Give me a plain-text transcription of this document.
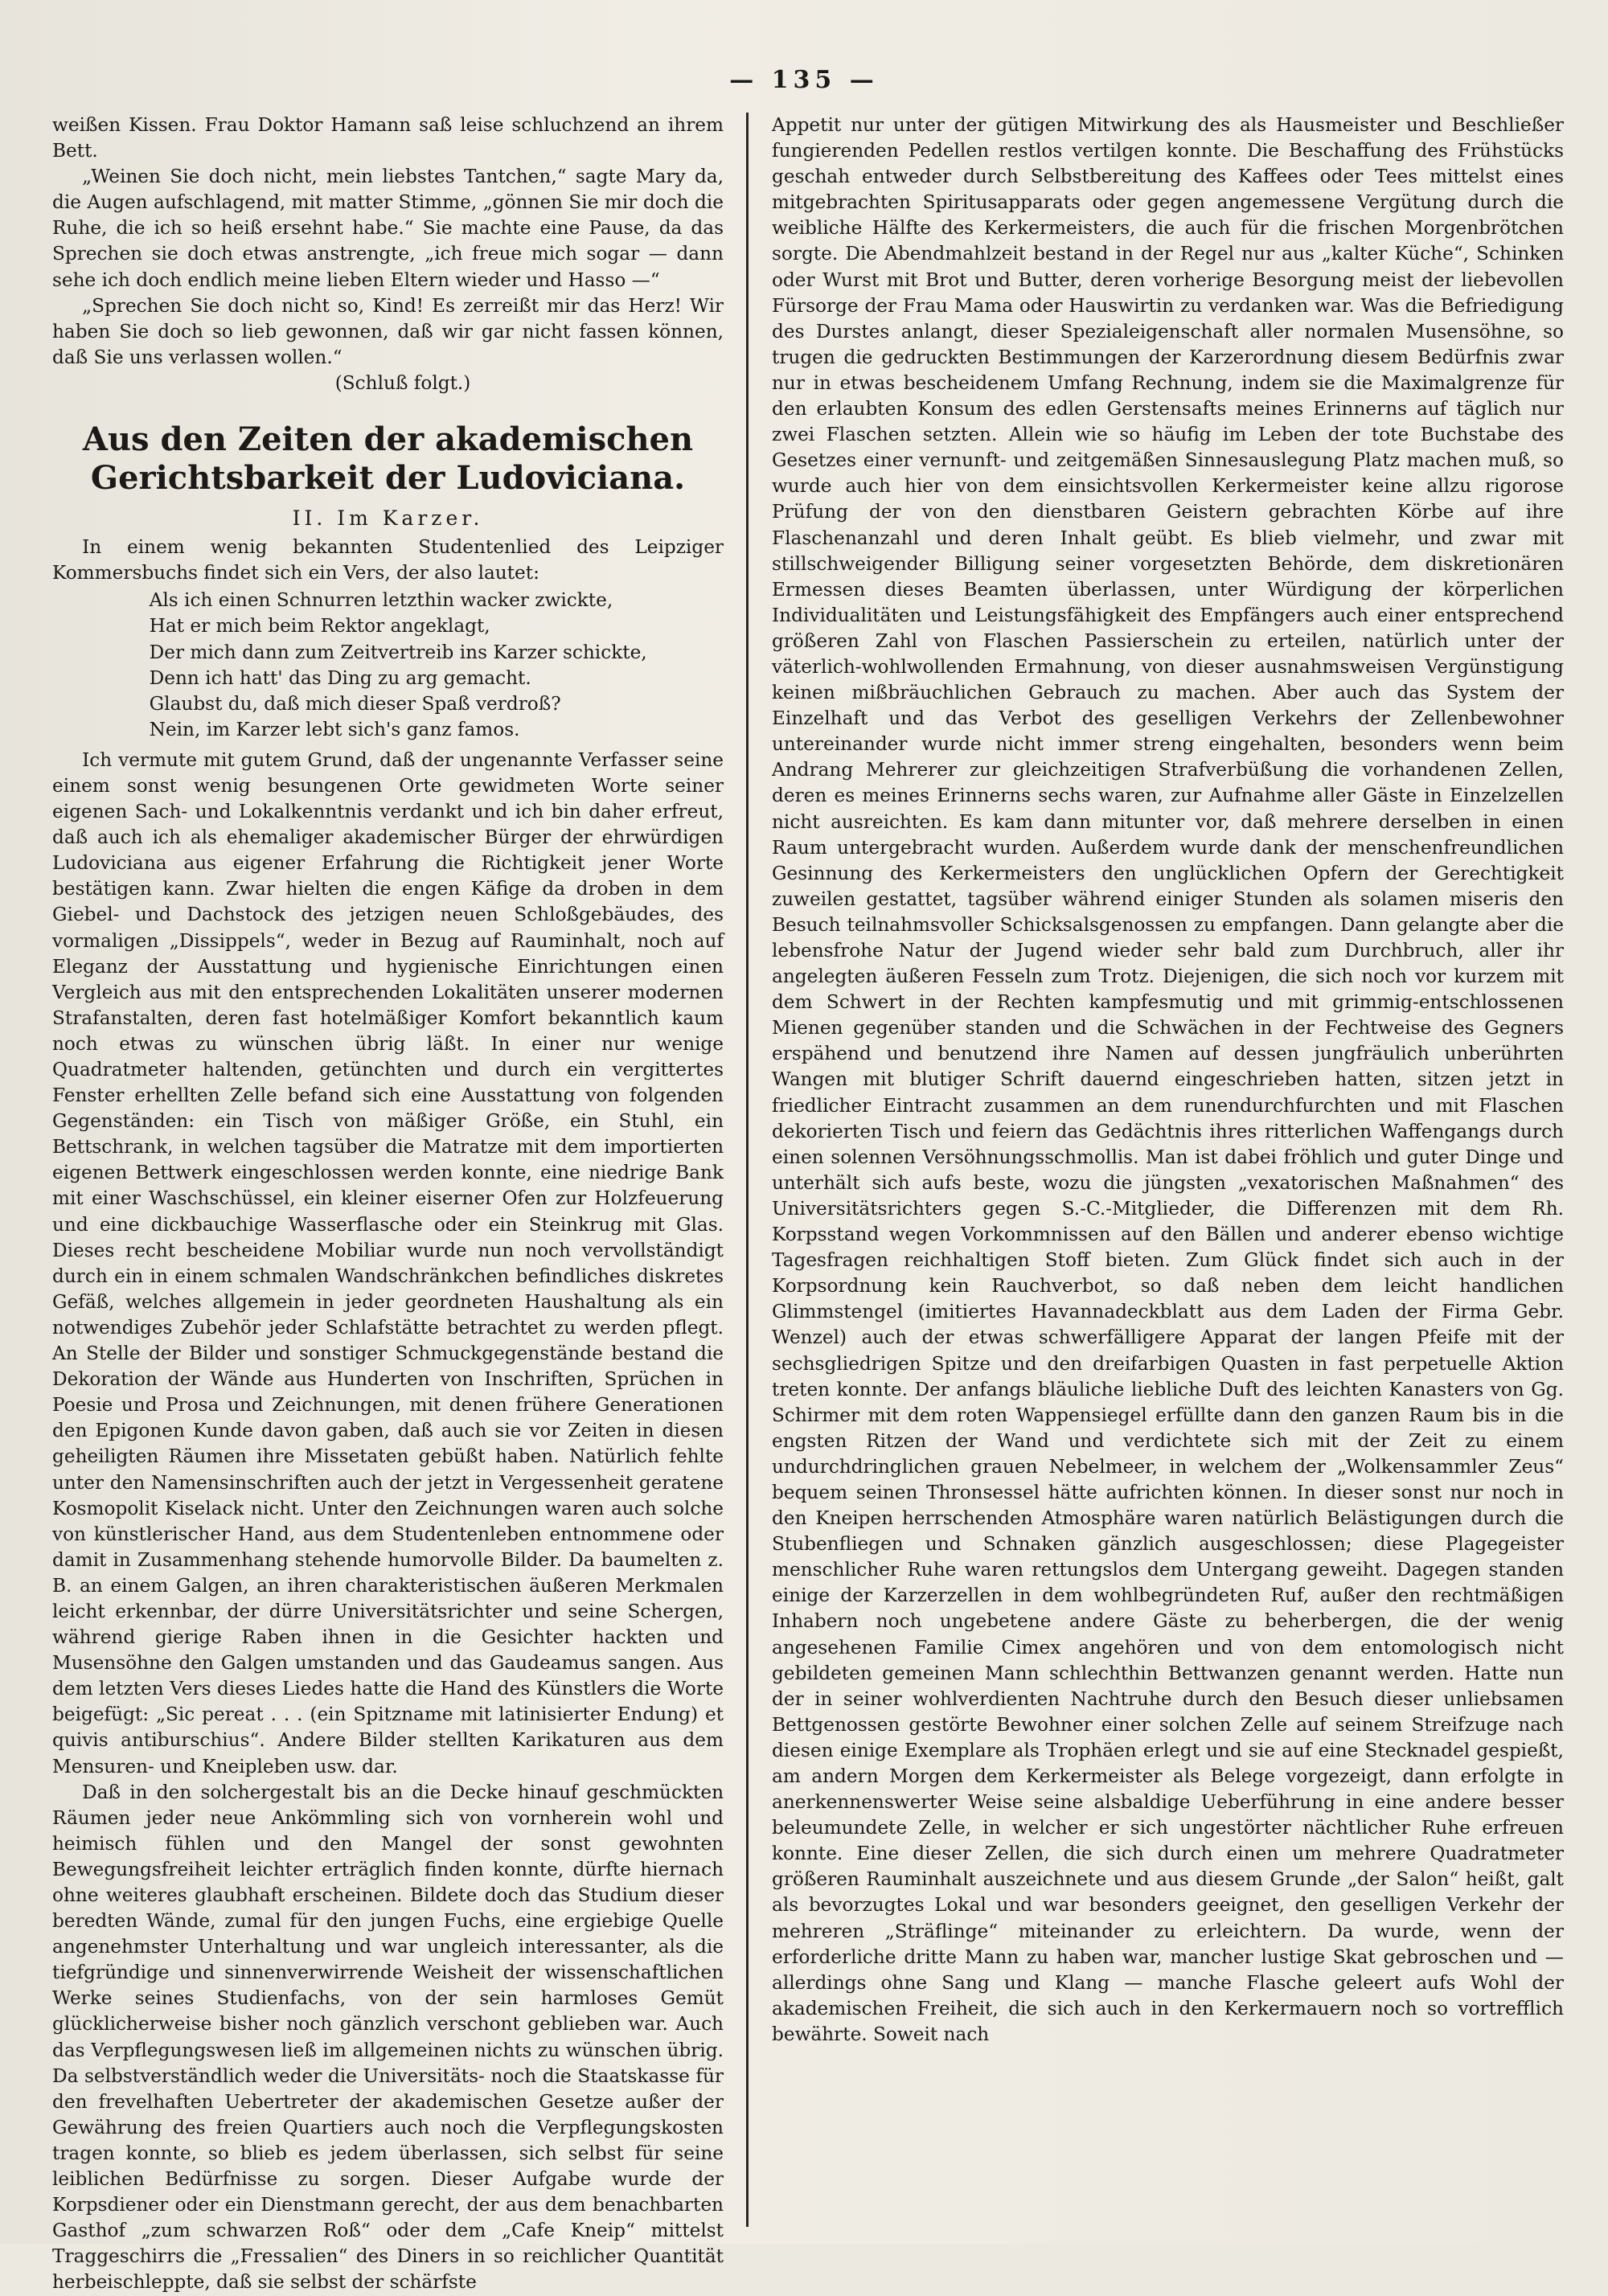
— 135 —

weißen Kissen. Frau Doktor Hamann saß leise schluchzend an ihrem Bett.

„Weinen Sie doch nicht, mein liebstes Tantchen,“ sagte Mary da, die Augen aufschlagend, mit matter Stimme, „gönnen Sie mir doch die Ruhe, die ich so heiß ersehnt habe.“ Sie machte eine Pause, da das Sprechen sie doch etwas anstrengte, „ich freue mich sogar — dann sehe ich doch endlich meine lieben Eltern wieder und Hasso —“

„Sprechen Sie doch nicht so, Kind! Es zerreißt mir das Herz! Wir haben Sie doch so lieb gewonnen, daß wir gar nicht fassen können, daß Sie uns verlassen wollen.“

(Schluß folgt.)

Aus den Zeiten der akademischen Gerichtsbarkeit der Ludoviciana.
II. Im Karzer.

In einem wenig bekannten Studentenlied des Leipziger Kommersbuchs findet sich ein Vers, der also lautet:

Als ich einen Schnurren letzthin wacker zwickte,
Hat er mich beim Rektor angeklagt,
Der mich dann zum Zeitvertreib ins Karzer schickte,
Denn ich hatt' das Ding zu arg gemacht.
Glaubst du, daß mich dieser Spaß verdroß?
Nein, im Karzer lebt sich's ganz famos.

Ich vermute mit gutem Grund, daß der ungenannte Verfasser seine einem sonst wenig besungenen Orte gewidmeten Worte seiner eigenen Sach- und Lokalkenntnis verdankt und ich bin daher erfreut, daß auch ich als ehemaliger akademischer Bürger der ehrwürdigen Ludoviciana aus eigener Erfahrung die Richtigkeit jener Worte bestätigen kann. Zwar hielten die engen Käfige da droben in dem Giebel- und Dachstock des jetzigen neuen Schloßgebäudes, des vormaligen „Dissippels“, weder in Bezug auf Rauminhalt, noch auf Eleganz der Ausstattung und hygienische Einrichtungen einen Vergleich aus mit den entsprechenden Lokalitäten unserer modernen Strafanstalten, deren fast hotelmäßiger Komfort bekanntlich kaum noch etwas zu wünschen übrig läßt. In einer nur wenige Quadratmeter haltenden, getünchten und durch ein vergittertes Fenster erhellten Zelle befand sich eine Ausstattung von folgenden Gegenständen: ein Tisch von mäßiger Größe, ein Stuhl, ein Bettschrank, in welchen tagsüber die Matratze mit dem importierten eigenen Bettwerk eingeschlossen werden konnte, eine niedrige Bank mit einer Waschschüssel, ein kleiner eiserner Ofen zur Holzfeuerung und eine dickbauchige Wasserflasche oder ein Steinkrug mit Glas. Dieses recht bescheidene Mobiliar wurde nun noch vervollständigt durch ein in einem schmalen Wandschränkchen befindliches diskretes Gefäß, welches allgemein in jeder geordneten Haushaltung als ein notwendiges Zubehör jeder Schlafstätte betrachtet zu werden pflegt. An Stelle der Bilder und sonstiger Schmuckgegenstände bestand die Dekoration der Wände aus Hunderten von Inschriften, Sprüchen in Poesie und Prosa und Zeichnungen, mit denen frühere Generationen den Epigonen Kunde davon gaben, daß auch sie vor Zeiten in diesen geheiligten Räumen ihre Missetaten gebüßt haben. Natürlich fehlte unter den Namensinschriften auch der jetzt in Vergessenheit geratene Kosmopolit Kiselack nicht. Unter den Zeichnungen waren auch solche von künstlerischer Hand, aus dem Studentenleben entnommene oder damit in Zusammenhang stehende humorvolle Bilder. Da baumelten z. B. an einem Galgen, an ihren charakteristischen äußeren Merkmalen leicht erkennbar, der dürre Universitätsrichter und seine Schergen, während gierige Raben ihnen in die Gesichter hackten und Musensöhne den Galgen umstanden und das Gaudeamus sangen. Aus dem letzten Vers dieses Liedes hatte die Hand des Künstlers die Worte beigefügt: „Sic pereat . . . (ein Spitzname mit latinisierter Endung) et quivis antiburschius“. Andere Bilder stellten Karikaturen aus dem Mensuren- und Kneipleben usw. dar.

Daß in den solchergestalt bis an die Decke hinauf geschmückten Räumen jeder neue Ankömmling sich von vornherein wohl und heimisch fühlen und den Mangel der sonst gewohnten Bewegungsfreiheit leichter erträglich finden konnte, dürfte hiernach ohne weiteres glaubhaft erscheinen. Bildete doch das Studium dieser beredten Wände, zumal für den jungen Fuchs, eine ergiebige Quelle angenehmster Unterhaltung und war ungleich interessanter, als die tiefgründige und sinnenverwirrende Weisheit der wissenschaftlichen Werke seines Studienfachs, von der sein harmloses Gemüt glücklicherweise bisher noch gänzlich verschont geblieben war. Auch das Verpflegungswesen ließ im allgemeinen nichts zu wünschen übrig. Da selbstverständlich weder die Universitäts- noch die Staatskasse für den frevelhaften Uebertreter der akademischen Gesetze außer der Gewährung des freien Quartiers auch noch die Verpflegungskosten tragen konnte, so blieb es jedem überlassen, sich selbst für seine leiblichen Bedürfnisse zu sorgen. Dieser Aufgabe wurde der Korpsdiener oder ein Dienstmann gerecht, der aus dem benachbarten Gasthof „zum schwarzen Roß“ oder dem „Cafe Kneip“ mittelst Traggeschirrs die „Fressalien“ des Diners in so reichlicher Quantität herbeischleppte, daß sie selbst der schärfste

Appetit nur unter der gütigen Mitwirkung des als Hausmeister und Beschließer fungierenden Pedellen restlos vertilgen konnte. Die Beschaffung des Frühstücks geschah entweder durch Selbstbereitung des Kaffees oder Tees mittelst eines mitgebrachten Spiritusapparats oder gegen angemessene Vergütung durch die weibliche Hälfte des Kerkermeisters, die auch für die frischen Morgenbrötchen sorgte. Die Abendmahlzeit bestand in der Regel nur aus „kalter Küche“, Schinken oder Wurst mit Brot und Butter, deren vorherige Besorgung meist der liebevollen Fürsorge der Frau Mama oder Hauswirtin zu verdanken war. Was die Befriedigung des Durstes anlangt, dieser Spezialeigenschaft aller normalen Musensöhne, so trugen die gedruckten Bestimmungen der Karzerordnung diesem Bedürfnis zwar nur in etwas bescheidenem Umfang Rechnung, indem sie die Maximalgrenze für den erlaubten Konsum des edlen Gerstensafts meines Erinnerns auf täglich nur zwei Flaschen setzten. Allein wie so häufig im Leben der tote Buchstabe des Gesetzes einer vernunft- und zeitgemäßen Sinnesauslegung Platz machen muß, so wurde auch hier von dem einsichtsvollen Kerkermeister keine allzu rigorose Prüfung der von den dienstbaren Geistern gebrachten Körbe auf ihre Flaschenanzahl und deren Inhalt geübt. Es blieb vielmehr, und zwar mit stillschweigender Billigung seiner vorgesetzten Behörde, dem diskretionären Ermessen dieses Beamten überlassen, unter Würdigung der körperlichen Individualitäten und Leistungsfähigkeit des Empfängers auch einer entsprechend größeren Zahl von Flaschen Passierschein zu erteilen, natürlich unter der väterlich-wohlwollenden Ermahnung, von dieser ausnahmsweisen Vergünstigung keinen mißbräuchlichen Gebrauch zu machen. Aber auch das System der Einzelhaft und das Verbot des geselligen Verkehrs der Zellenbewohner untereinander wurde nicht immer streng eingehalten, besonders wenn beim Andrang Mehrerer zur gleichzeitigen Strafverbüßung die vorhandenen Zellen, deren es meines Erinnerns sechs waren, zur Aufnahme aller Gäste in Einzelzellen nicht ausreichten. Es kam dann mitunter vor, daß mehrere derselben in einen Raum untergebracht wurden. Außerdem wurde dank der menschenfreundlichen Gesinnung des Kerkermeisters den unglücklichen Opfern der Gerechtigkeit zuweilen gestattet, tagsüber während einiger Stunden als solamen miseris den Besuch teilnahmsvoller Schicksalsgenossen zu empfangen. Dann gelangte aber die lebensfrohe Natur der Jugend wieder sehr bald zum Durchbruch, aller ihr angelegten äußeren Fesseln zum Trotz. Diejenigen, die sich noch vor kurzem mit dem Schwert in der Rechten kampfesmutig und mit grimmig-entschlossenen Mienen gegenüber standen und die Schwächen in der Fechtweise des Gegners erspähend und benutzend ihre Namen auf dessen jungfräulich unberührten Wangen mit blutiger Schrift dauernd eingeschrieben hatten, sitzen jetzt in friedlicher Eintracht zusammen an dem runendurchfurchten und mit Flaschen dekorierten Tisch und feiern das Gedächtnis ihres ritterlichen Waffengangs durch einen solennen Versöhnungsschmollis. Man ist dabei fröhlich und guter Dinge und unterhält sich aufs beste, wozu die jüngsten „vexatorischen Maßnahmen“ des Universitätsrichters gegen S.-C.-Mitglieder, die Differenzen mit dem Rh. Korpsstand wegen Vorkommnissen auf den Bällen und anderer ebenso wichtige Tagesfragen reichhaltigen Stoff bieten. Zum Glück findet sich auch in der Korpsordnung kein Rauchverbot, so daß neben dem leicht handlichen Glimmstengel (imitiertes Havannadeckblatt aus dem Laden der Firma Gebr. Wenzel) auch der etwas schwerfälligere Apparat der langen Pfeife mit der sechsgliedrigen Spitze und den dreifarbigen Quasten in fast perpetuelle Aktion treten konnte. Der anfangs bläuliche liebliche Duft des leichten Kanasters von Gg. Schirmer mit dem roten Wappensiegel erfüllte dann den ganzen Raum bis in die engsten Ritzen der Wand und verdichtete sich mit der Zeit zu einem undurchdringlichen grauen Nebelmeer, in welchem der „Wolkensammler Zeus“ bequem seinen Thronsessel hätte aufrichten können. In dieser sonst nur noch in den Kneipen herrschenden Atmosphäre waren natürlich Belästigungen durch die Stubenfliegen und Schnaken gänzlich ausgeschlossen; diese Plagegeister menschlicher Ruhe waren rettungslos dem Untergang geweiht. Dagegen standen einige der Karzerzellen in dem wohlbegründeten Ruf, außer den rechtmäßigen Inhabern noch ungebetene andere Gäste zu beherbergen, die der wenig angesehenen Familie Cimex angehören und von dem entomologisch nicht gebildeten gemeinen Mann schlechthin Bettwanzen genannt werden. Hatte nun der in seiner wohlverdienten Nachtruhe durch den Besuch dieser unliebsamen Bettgenossen gestörte Bewohner einer solchen Zelle auf seinem Streifzuge nach diesen einige Exemplare als Trophäen erlegt und sie auf eine Stecknadel gespießt, am andern Morgen dem Kerkermeister als Belege vorgezeigt, dann erfolgte in anerkennenswerter Weise seine alsbaldige Ueberführung in eine andere besser beleumundete Zelle, in welcher er sich ungestörter nächtlicher Ruhe erfreuen konnte. Eine dieser Zellen, die sich durch einen um mehrere Quadratmeter größeren Rauminhalt auszeichnete und aus diesem Grunde „der Salon“ heißt, galt als bevorzugtes Lokal und war besonders geeignet, den geselligen Verkehr der mehreren „Sträflinge“ miteinander zu erleichtern. Da wurde, wenn der erforderliche dritte Mann zu haben war, mancher lustige Skat gebroschen und — allerdings ohne Sang und Klang — manche Flasche geleert aufs Wohl der akademischen Freiheit, die sich auch in den Kerkermauern noch so vortrefflich bewährte. Soweit nach
